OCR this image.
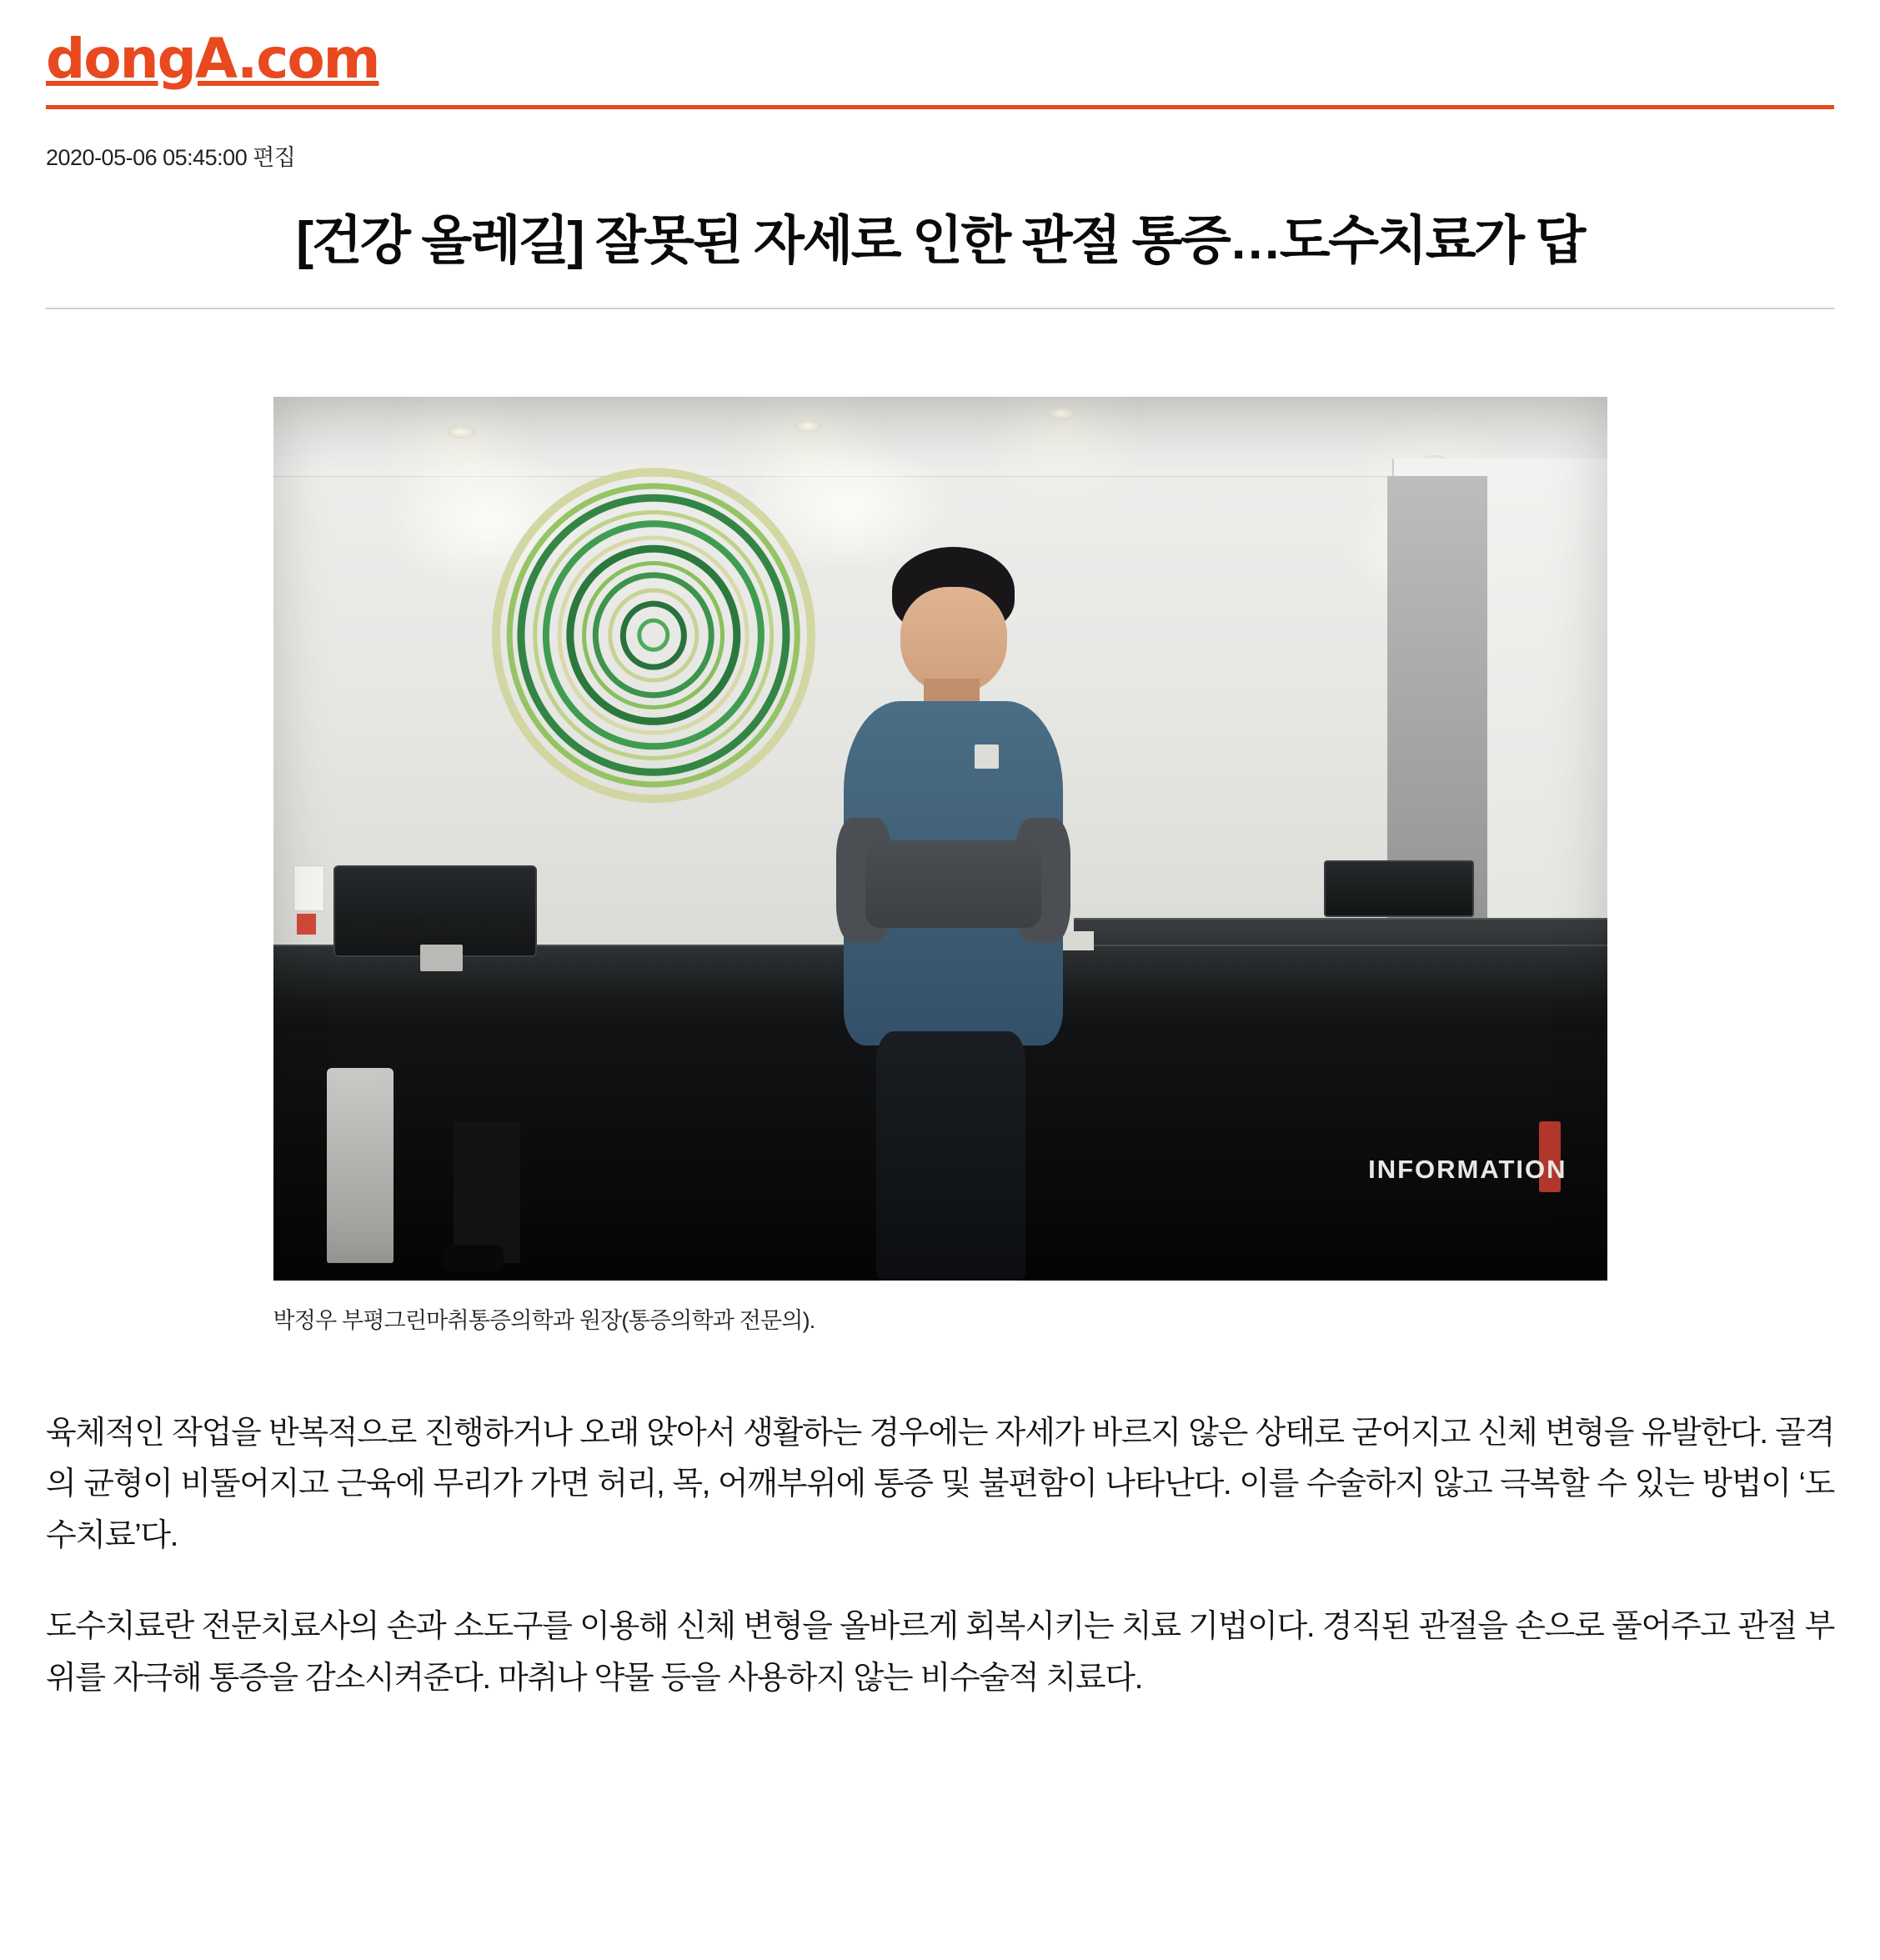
dongA.com
2020-05-06 05:45:00 편집
[건강 올레길] 잘못된 자세로 인한 관절 통증…도수치료가 답
INFORMATION
박정우 부평그린마취통증의학과 원장(통증의학과 전문의).

육체적인 작업을 반복적으로 진행하거나 오래 앉아서 생활하는 경우에는 자세가 바르지 않은 상태로 굳어지고 신체 변형을 유발한다. 골격의 균형이 비뚤어지고 근육에 무리가 가면 허리, 목, 어깨부위에 통증 및 불편함이 나타난다. 이를 수술하지 않고 극복할 수 있는 방법이 ‘도수치료’다.

도수치료란 전문치료사의 손과 소도구를 이용해 신체 변형을 올바르게 회복시키는 치료 기법이다. 경직된 관절을 손으로 풀어주고 관절 부위를 자극해 통증을 감소시켜준다. 마취나 약물 등을 사용하지 않는 비수술적 치료다.
